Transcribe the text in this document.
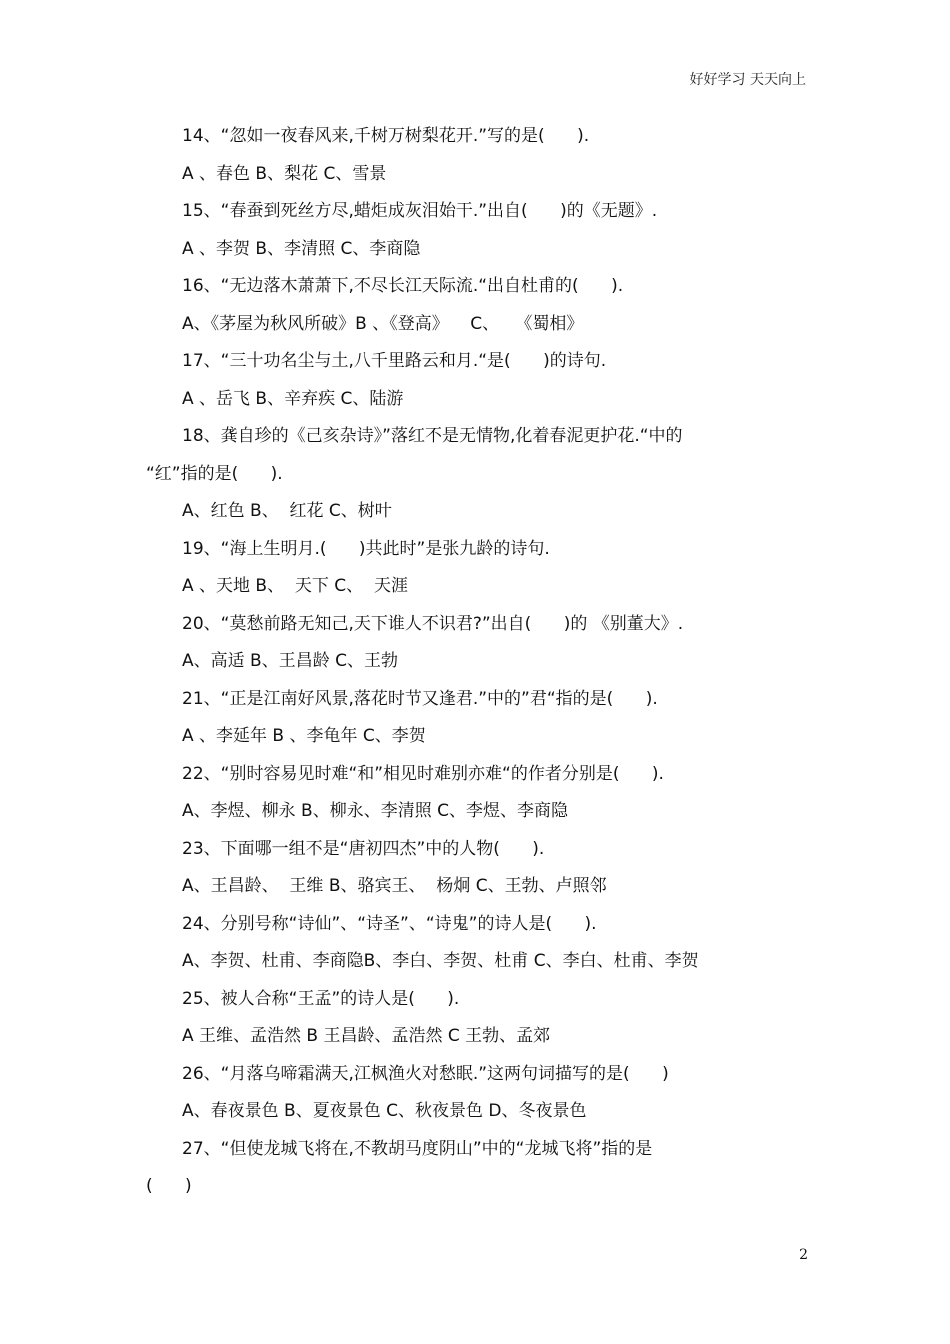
好好学习 天天向上
14、“忽如一夜春风来,千树万树梨花开.”写的是(      ).
A 、春色 B、梨花 C、雪景
15、“春蚕到死丝方尽,蜡炬成灰泪始干.”出自(      )的《无题》.
A 、李贺 B、李清照 C、李商隐
16、“无边落木萧萧下,不尽长江天际流.“出自杜甫的(      ).
A、《茅屋为秋风所破》B 、《登高》    C、   《蜀相》
17、“三十功名尘与土,八千里路云和月.“是(      )的诗句.
A 、岳飞 B、辛弃疾 C、陆游
18、龚自珍的《己亥杂诗》”落红不是无情物,化着春泥更护花.“中的
“红”指的是(      ).
A、红色 B、  红花 C、树叶
19、“海上生明月.(      )共此时”是张九龄的诗句.
A 、天地 B、  天下 C、  天涯
20、“莫愁前路无知己,天下谁人不识君?”出自(      )的 《别董大》.
A、高适 B、王昌龄 C、王勃
21、“正是江南好风景,落花时节又逢君.”中的”君“指的是(      ).
A 、李延年 B 、李龟年 C、李贺
22、“别时容易见时难“和”相见时难别亦难“的作者分别是(      ).
A、李煜、柳永 B、柳永、李清照 C、李煜、李商隐
23、下面哪一组不是“唐初四杰”中的人物(      ).
A、王昌龄、  王维 B、骆宾王、  杨炯 C、王勃、卢照邻
24、分别号称“诗仙”、“诗圣”、“诗鬼”的诗人是(      ).
A、李贺、杜甫、李商隐B、李白、李贺、杜甫 C、李白、杜甫、李贺
25、被人合称“王孟”的诗人是(      ).
A 王维、孟浩然 B 王昌龄、孟浩然 C 王勃、孟郊
26、“月落乌啼霜满天,江枫渔火对愁眠.”这两句词描写的是(      )
A、春夜景色 B、夏夜景色 C、秋夜景色 D、冬夜景色
27、“但使龙城飞将在,不教胡马度阴山”中的“龙城飞将”指的是
(      )
2
